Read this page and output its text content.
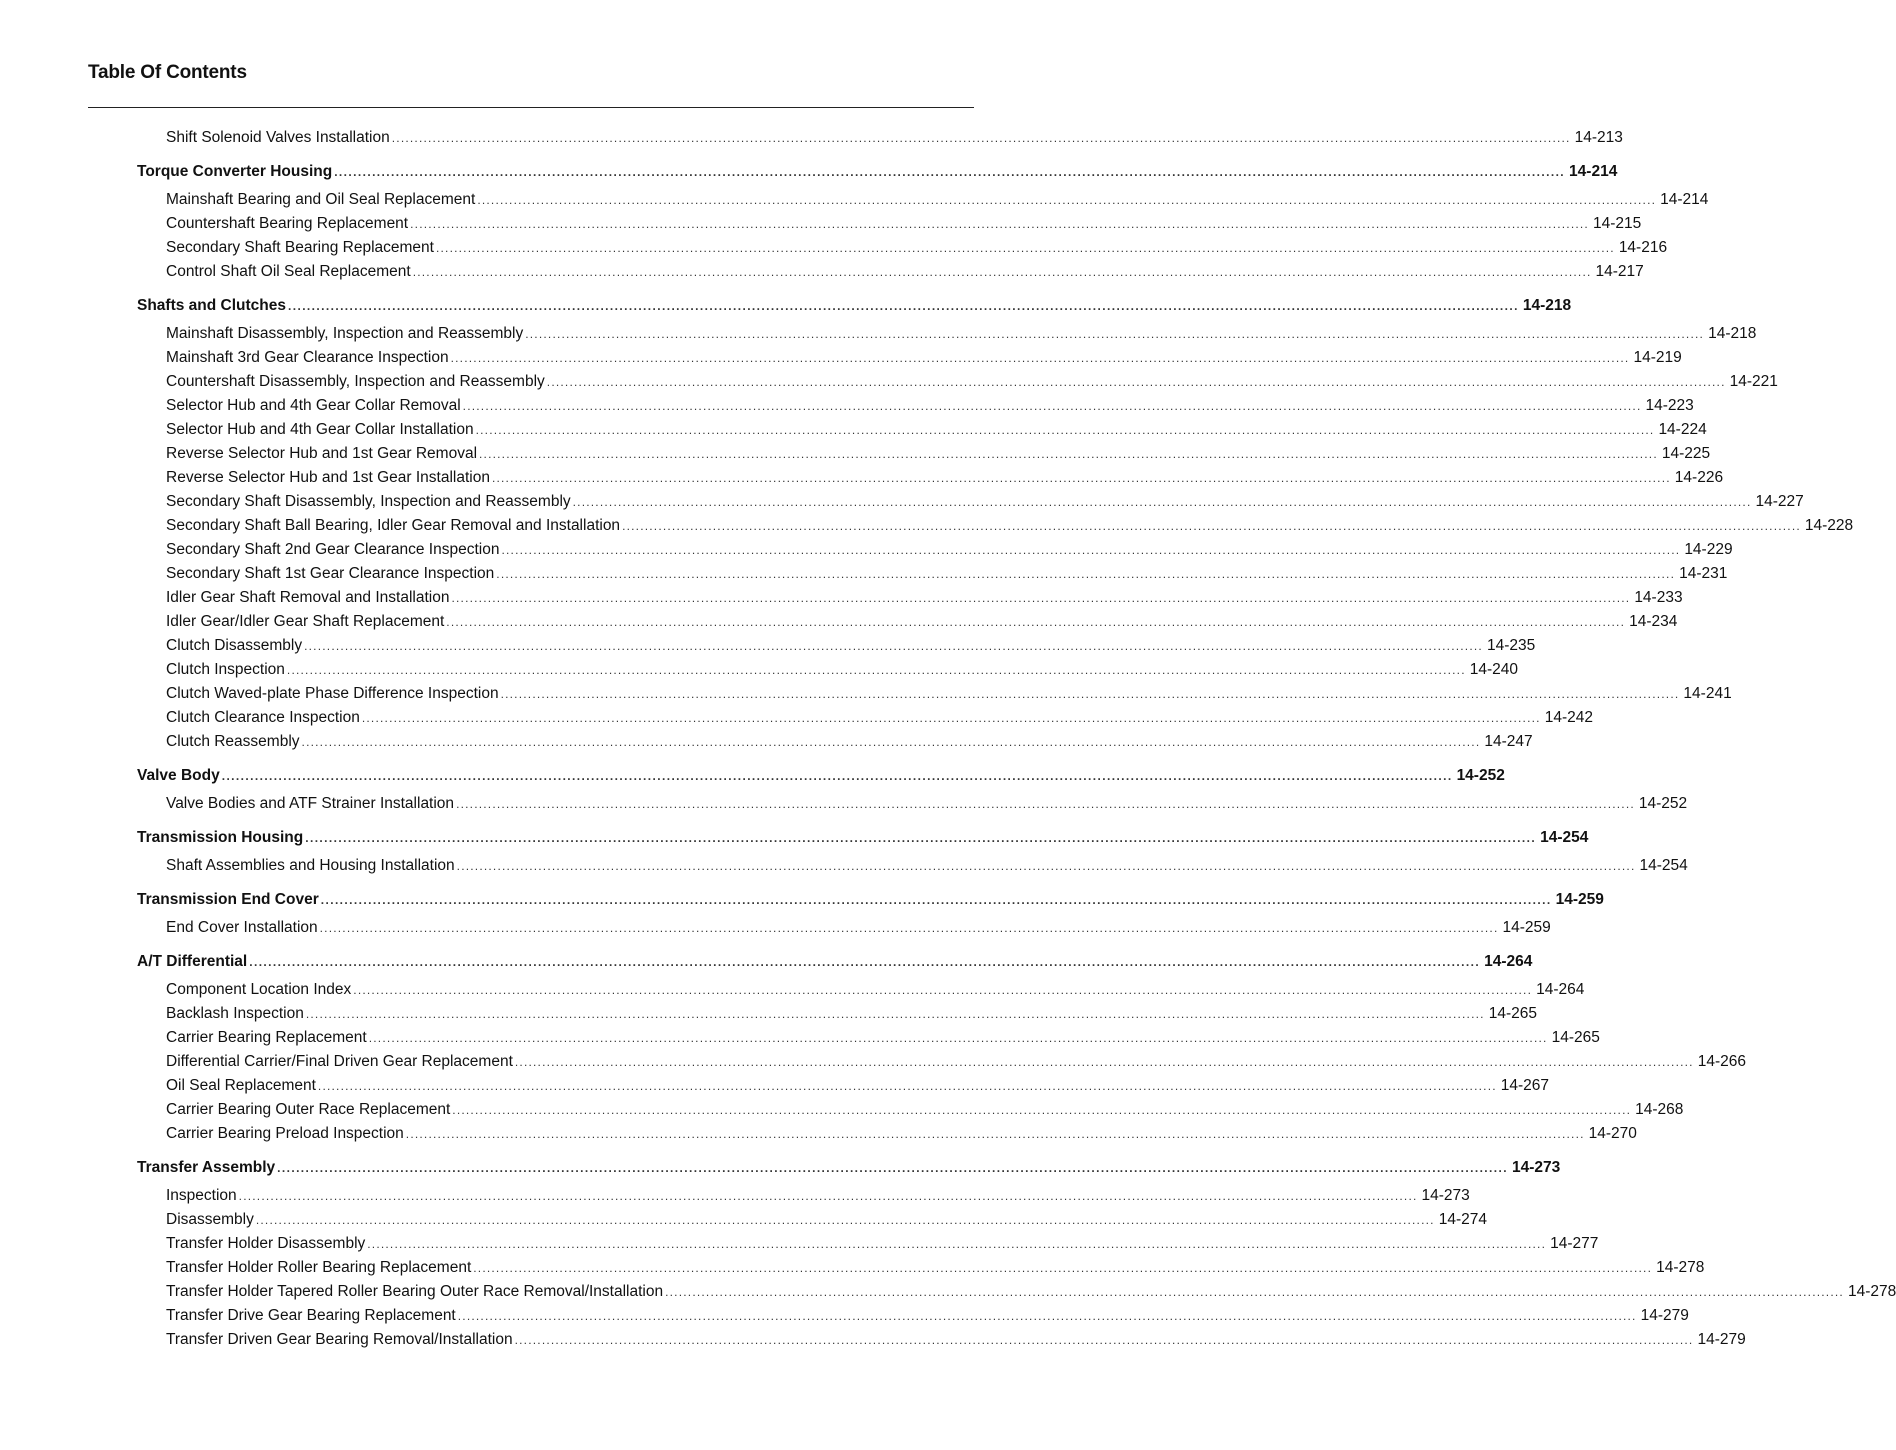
Table Of Contents
Shift Solenoid Valves Installation .................................................................................................................................................................................................................................................................... 14-213
Torque Converter Housing .................................................................................................................................................................................................................................................................... 14-214
Mainshaft Bearing and Oil Seal Replacement .................................................................................................................................................................................................................................................................... 14-214
Countershaft Bearing Replacement .................................................................................................................................................................................................................................................................... 14-215
Secondary Shaft Bearing Replacement .................................................................................................................................................................................................................................................................... 14-216
Control Shaft Oil Seal Replacement .................................................................................................................................................................................................................................................................... 14-217
Shafts and Clutches .................................................................................................................................................................................................................................................................... 14-218
Mainshaft Disassembly, Inspection and Reassembly .................................................................................................................................................................................................................................................................... 14-218
Mainshaft 3rd Gear Clearance Inspection .................................................................................................................................................................................................................................................................... 14-219
Countershaft Disassembly, Inspection and Reassembly .................................................................................................................................................................................................................................................................... 14-221
Selector Hub and 4th Gear Collar Removal .................................................................................................................................................................................................................................................................... 14-223
Selector Hub and 4th Gear Collar Installation .................................................................................................................................................................................................................................................................... 14-224
Reverse Selector Hub and 1st Gear Removal .................................................................................................................................................................................................................................................................... 14-225
Reverse Selector Hub and 1st Gear Installation .................................................................................................................................................................................................................................................................... 14-226
Secondary Shaft Disassembly, Inspection and Reassembly .................................................................................................................................................................................................................................................................... 14-227
Secondary Shaft Ball Bearing, Idler Gear Removal and Installation .................................................................................................................................................................................................................................................................... 14-228
Secondary Shaft 2nd Gear Clearance Inspection .................................................................................................................................................................................................................................................................... 14-229
Secondary Shaft 1st Gear Clearance Inspection .................................................................................................................................................................................................................................................................... 14-231
Idler Gear Shaft Removal and Installation .................................................................................................................................................................................................................................................................... 14-233
Idler Gear/Idler Gear Shaft Replacement .................................................................................................................................................................................................................................................................... 14-234
Clutch Disassembly .................................................................................................................................................................................................................................................................... 14-235
Clutch Inspection .................................................................................................................................................................................................................................................................... 14-240
Clutch Waved-plate Phase Difference Inspection .................................................................................................................................................................................................................................................................... 14-241
Clutch Clearance Inspection .................................................................................................................................................................................................................................................................... 14-242
Clutch Reassembly .................................................................................................................................................................................................................................................................... 14-247
Valve Body .................................................................................................................................................................................................................................................................... 14-252
Valve Bodies and ATF Strainer Installation .................................................................................................................................................................................................................................................................... 14-252
Transmission Housing .................................................................................................................................................................................................................................................................... 14-254
Shaft Assemblies and Housing Installation .................................................................................................................................................................................................................................................................... 14-254
Transmission End Cover .................................................................................................................................................................................................................................................................... 14-259
End Cover Installation .................................................................................................................................................................................................................................................................... 14-259
A/T Differential .................................................................................................................................................................................................................................................................... 14-264
Component Location Index .................................................................................................................................................................................................................................................................... 14-264
Backlash Inspection .................................................................................................................................................................................................................................................................... 14-265
Carrier Bearing Replacement .................................................................................................................................................................................................................................................................... 14-265
Differential Carrier/Final Driven Gear Replacement .................................................................................................................................................................................................................................................................... 14-266
Oil Seal Replacement .................................................................................................................................................................................................................................................................... 14-267
Carrier Bearing Outer Race Replacement .................................................................................................................................................................................................................................................................... 14-268
Carrier Bearing Preload Inspection .................................................................................................................................................................................................................................................................... 14-270
Transfer Assembly .................................................................................................................................................................................................................................................................... 14-273
Inspection .................................................................................................................................................................................................................................................................... 14-273
Disassembly .................................................................................................................................................................................................................................................................... 14-274
Transfer Holder Disassembly .................................................................................................................................................................................................................................................................... 14-277
Transfer Holder Roller Bearing Replacement .................................................................................................................................................................................................................................................................... 14-278
Transfer Holder Tapered Roller Bearing Outer Race Removal/Installation .................................................................................................................................................................................................................................................................... 14-278
Transfer Drive Gear Bearing Replacement .................................................................................................................................................................................................................................................................... 14-279
Transfer Driven Gear Bearing Removal/Installation .................................................................................................................................................................................................................................................................... 14-279
